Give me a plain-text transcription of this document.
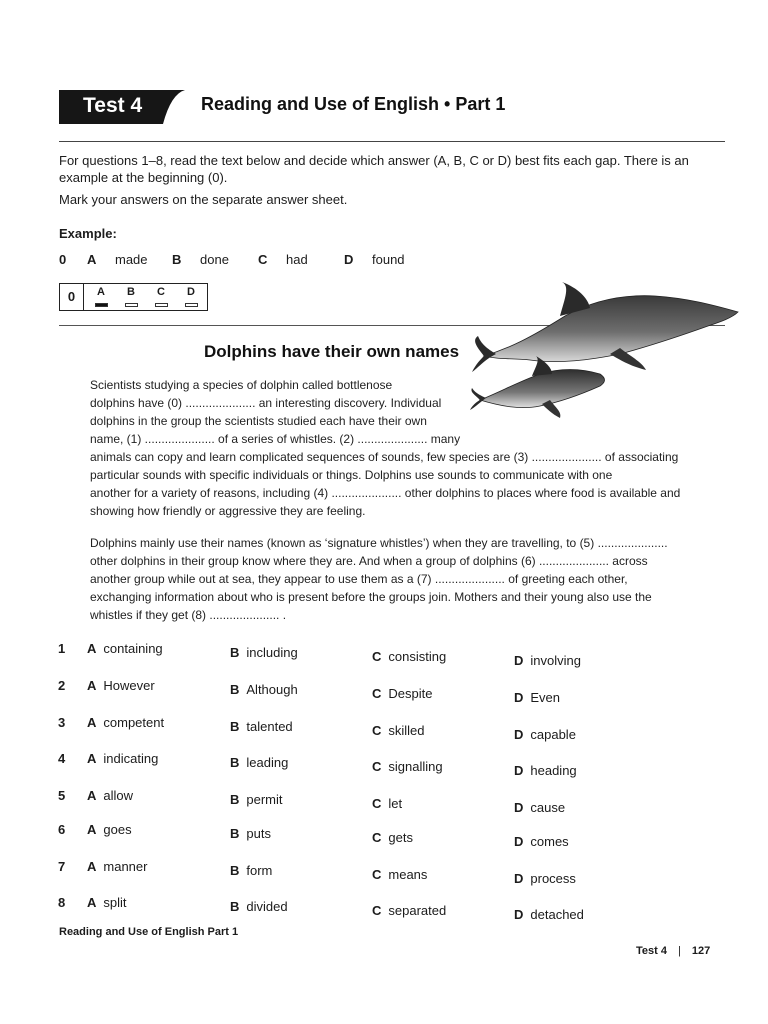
Test 4	Reading and Use of English • Part 1
For questions 1–8, read the text below and decide which answer (A, B, C or D) best fits each gap. There is an example at the beginning (0).
Mark your answers on the separate answer sheet.
Example:
0 A made B done C had	D found
0	A B C D
Dolphins have their own names
Scientists studying a species of dolphin called bottlenose
dolphins have (0) ..................... an interesting discovery. Individual
dolphins in the group the scientists studied each have their own
name, (1) ..................... of a series of whistles. (2) ..................... many
animals can copy and learn complicated sequences of sounds, few species are (3) ..................... of associating
particular sounds with specific individuals or things. Dolphins use sounds to communicate with one
another for a variety of reasons, including (4) ..................... other dolphins to places where food is available and
showing how friendly or aggressive they are feeling.
Dolphins mainly use their names (known as ‘signature whistles’) when they are travelling, to (5) .....................
other dolphins in their group know where they are. And when a group of dolphins (6) ..................... across
another group while out at sea, they appear to use them as a (7) ..................... of greeting each other,
exchanging information about who is present before the groups join. Mothers and their young also use the
whistles if they get (8) ..................... .
1 A containing	B including	C consisting	D involving
2 A However	B Although	C Despite	D Even
3 A competent	B talented	C skilled	D capable
4 A indicating	B leading	C signalling	D heading
5 A allow	B permit	C let	D cause
6 A goes	B puts	C gets	D comes
7 A manner	B form	C means	D process
8 A split	B divided	C separated	D detached
Reading and Use of English Part 1
Test 4 | 127
